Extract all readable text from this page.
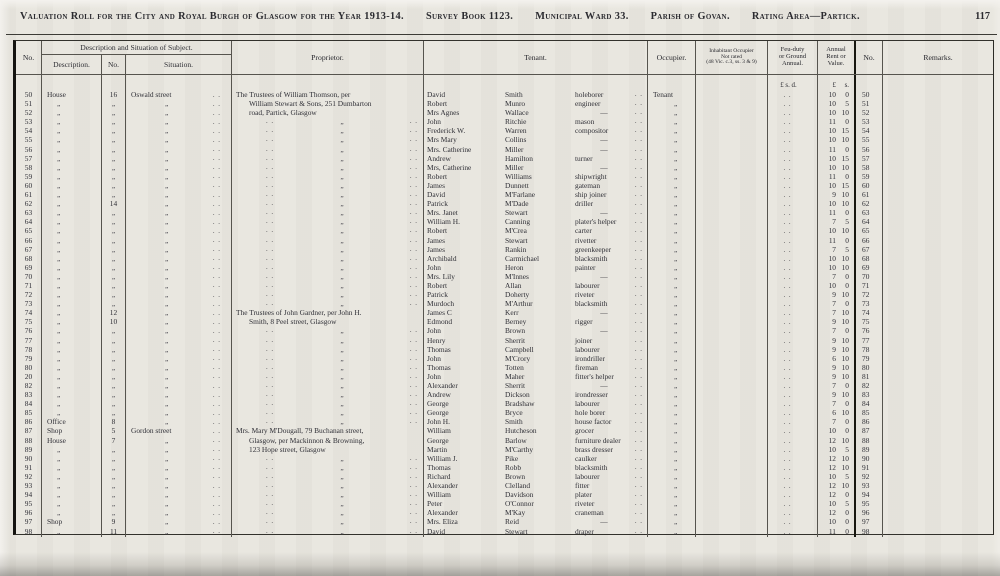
Valuation Roll for the City and Royal Burgh of Glasgow for the Year 1913-14. Survey Book 1123. Municipal Ward 33. Parish of Govan. Rating Area—Partick.	117
No.
Description and Situation of Subject.
Description.	No.	Situation.
Proprietor.	Tenant.	Occupier.
Inhabitant Occupier
Not rated
(48 Vic. c.3, ss. 3 & 9)
Feu-duty
or Ground
Annual.
Annual
Rent or
Value.
No.	Remarks.
£ s. d.	£	s.
50	House	16	Oswald street	. .	The Trustees of William Thomson, per	David	Smith	holeborer	. .	Tenant	. .	10	0	50
51	„	„	„	. .	William Stewart & Sons, 251 Dumbarton	Robert	Munro	engineer	. .	„	. .	10	5	51
52	„	„	„	. .	road, Partick, Glasgow	Mrs Agnes	Wallace	—	. .	„	. .	10 10	52
53	„	„	„	. .	. .	„	. . John	Ritchie	mason	. .	„	. .	11	0	53
54	„	„	„	. .	. .	„	. . Frederick W.	Warren	compositor	. .	„	. .	10 15	54
55	„	„	„	. .	. .	„	. . Mrs Mary	Collins	—	. .	„	. .	10 10	55
56	„	„	„	. .	. .	„	. . Mrs. Catherine	Miller	—	. .	„	. .	11	0	56
57	„	„	„	. .	. .	„	. . Andrew	Hamilton	turner	. .	„	. .	10 15	57
58	„	„	„	. .	. .	„	. . Mrs, Catherine	Miller	—	. .	„	. .	10 10	58
59	„	„	„	. .	. .	„	. . Robert	Williams	shipwright	. .	„	. .	11	0	59
60	„	„	„	. .	. .	„	. . James	Dunnett	gateman	. .	„	. .	10 15	60
61	„	„	„	. .	. .	„	. . David	M'Farlane	ship joiner	. .	„	. .	9 10	61
62	„	14	„	. .	. .	„	. . Patrick	M'Dade	driller	. .	„	. .	10 10	62
63	„	„	„	. .	. .	„	. . Mrs. Janet	Stewart	—	. .	„	. .	11	0	63
64	„	„	„	. .	. .	„	. . William H.	Canning	plater's helper	. .	„	. .	7	5	64
65	„	„	„	. .	. .	„	. . Robert	M'Crea	carter	. .	„	. .	10 10	65
66	„	„	„	. .	. .	„	. . James	Stewart	rivetter	. .	„	. .	11	0	66
67	„	„	„	. .	. .	„	. . James	Rankin	greenkeeper	. .	„	. .	7	5	67
68	„	„	„	. .	. .	„	. . Archibald	Carmichael	blacksmith	. .	„	. .	10 10	68
69	„	„	„	. .	. .	„	. . John	Heron	painter	. .	„	. .	10 10	69
70	„	„	„	. .	. .	„	. . Mrs. Lily	M'Innes	—	. .	„	. .	7	0	70
71	„	„	„	. .	. .	„	. . Robert	Allan	labourer	. .	„	. .	10	0	71
72	„	„	„	. .	. .	„	. . Patrick	Doherty	riveter	. .	„	. .	9 10	72
73	„	„	„	. .	. .	„	. . Murdoch	M'Arthur	blacksmith	. .	„	. .	7	0	73
74	„	12	„	. .	The Trustees of John Gardner, per John H.	James C	Kerr	—	. .	„	. .	7 10	74
75	„	10	„	. .	Smith, 8 Peel street, Glasgow	Edmond	Berney	rigger	. .	„	. .	9 10	75
76	„	„	„	. .	. .	„	. . John	Brown	—	. .	„	. .	7	0	76
77	„	„	„	. .	. .	„	. . Henry	Sherrit	joiner	. .	„	. .	9 10	77
78	„	„	„	. .	. .	„	. . Thomas	Campbell	labourer	. .	„	. .	9 10	78
79	„	„	„	. .	. .	„	. . John	M'Crory	irondriller	. .	„	. .	6 10	79
80	„	„	„	. .	. .	„	. . Thomas	Totten	fireman	. .	„	. .	9 10	80
20	„	„	„	. .	. .	„	. . John	Maher	fitter's helper	. .	„	. .	9 10	81
82	„	„	„	. .	. .	„	. . Alexander	Sherrit	—	. .	„	. .	7	0	82
83	„	„	„	. .	. .	„	. . Andrew	Dickson	irondresser	. .	„	. .	9 10	83
84	„	„	„	. .	. .	„	. . George	Bradshaw	labourer	. .	„	. .	7	0	84
85	„	„	„	. .	. .	„	. . George	Bryce	hole borer	. .	„	. .	6 10	85
86	Office	8	„	. .	. .	„	. . John H.	Smith	house factor	. .	„	. .	7	0	86
87	Shop	5	Gordon street	. .	Mrs. Mary M'Dougall, 79 Buchanan street,	William	Hutcheson	grocer	. .	„	. .	10	0	87
88	House	7	„	. .	Glasgow, per Mackinnon & Browning,	George	Barlow	furniture dealer	. .	„	. .	12 10	88
89	„	„	„	. .	123 Hope street, Glasgow	Martin	M'Carthy	brass dresser	. .	„	. .	10	5	89
90	„	„	„	. .	. .	„	. . William J.	Pike	caulker	. .	„	. .	12 10	90
91	„	„	„	. .	. .	„	. . Thomas	Robb	blacksmith	. .	„	. .	12 10	91
92	„	„	„	. .	. .	„	. . Richard	Brown	labourer	. .	„	. .	10	5	92
93	„	„	„	. .	. .	„	. . Alexander	Clelland	fitter	. .	„	. .	12 10	93
94	„	„	„	. .	. .	„	. . William	Davidson	plater	. .	„	. .	12	0	94
95	„	„	„	. .	. .	„	. . Peter	O'Connor	riveter	. .	„	. .	10	5	95
96	„	„	„	. .	. .	„	. . Alexander	M'Kay	craneman	. .	„	. .	12	0	96
97	Shop	9	„	. .	. .	„	. . Mrs. Eliza	Reid	—	. .	„	. .	10	0	97
98	„	11	„	. .	. .	„	. . David	Stewart	draper	. .	„	. .	11	0	98
